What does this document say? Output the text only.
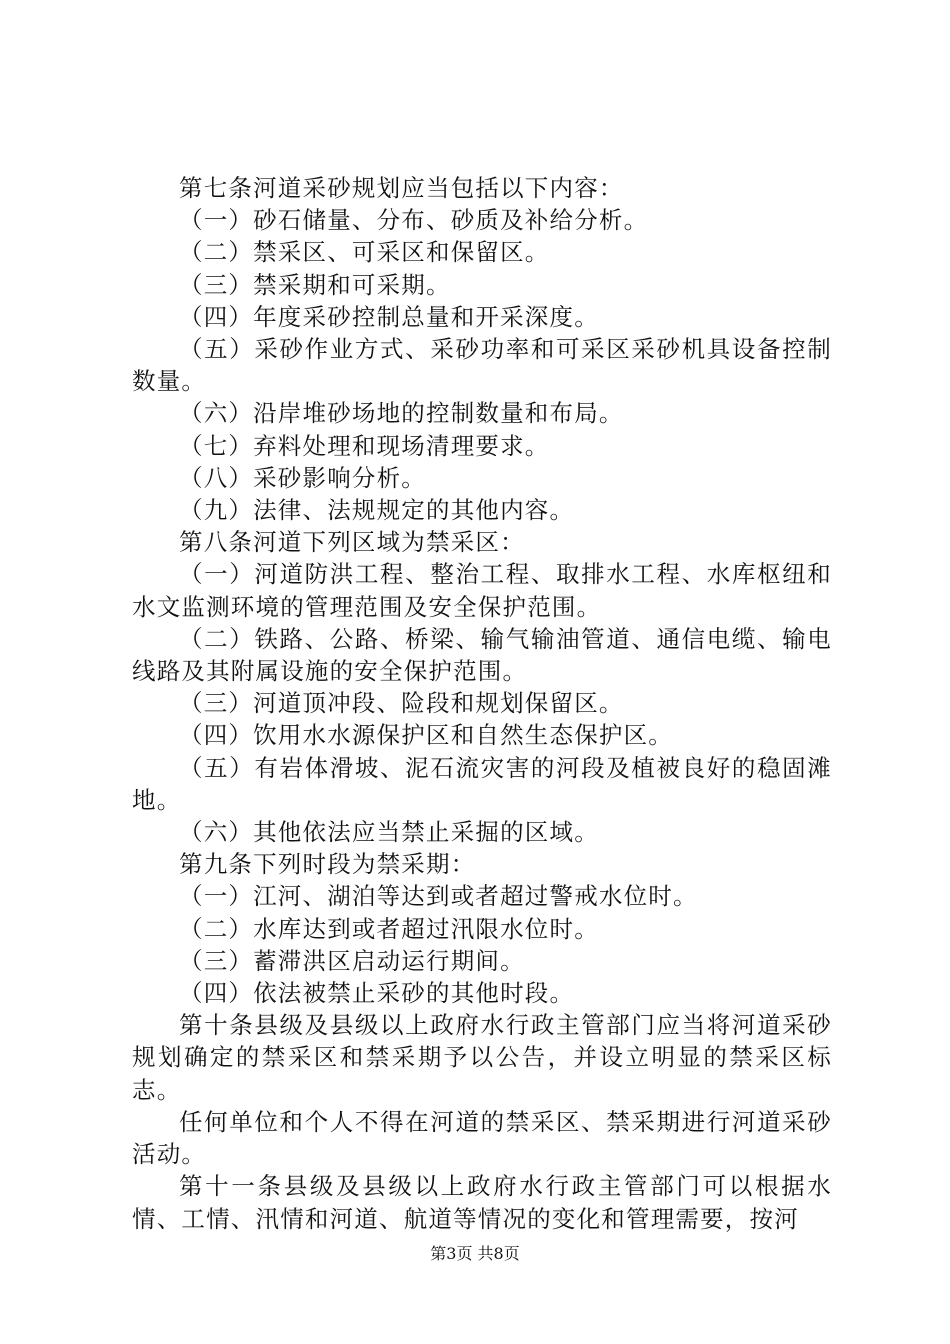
第七条河道采砂规划应当包括以下内容：

（一）砂石储量、分布、砂质及补给分析。

（二）禁采区、可采区和保留区。

（三）禁采期和可采期。

（四）年度采砂控制总量和开采深度。

（五）采砂作业方式、采砂功率和可采区采砂机具设备控制数量。

（六）沿岸堆砂场地的控制数量和布局。

（七）弃料处理和现场清理要求。

（八）采砂影响分析。

（九）法律、法规规定的其他内容。

第八条河道下列区域为禁采区：

（一）河道防洪工程、整治工程、取排水工程、水库枢纽和水文监测环境的管理范围及安全保护范围。

（二）铁路、公路、桥梁、输气输油管道、通信电缆、输电线路及其附属设施的安全保护范围。

（三）河道顶冲段、险段和规划保留区。

（四）饮用水水源保护区和自然生态保护区。

（五）有岩体滑坡、泥石流灾害的河段及植被良好的稳固滩地。

（六）其他依法应当禁止采掘的区域。

第九条下列时段为禁采期：

（一）江河、湖泊等达到或者超过警戒水位时。

（二）水库达到或者超过汛限水位时。

（三）蓄滞洪区启动运行期间。

（四）依法被禁止采砂的其他时段。

第十条县级及县级以上政府水行政主管部门应当将河道采砂规划确定的禁采区和禁采期予以公告，并设立明显的禁采区标志。

任何单位和个人不得在河道的禁采区、禁采期进行河道采砂活动。

第十一条县级及县级以上政府水行政主管部门可以根据水情、工情、汛情和河道、航道等情况的变化和管理需要，按河

第3页 共8页
